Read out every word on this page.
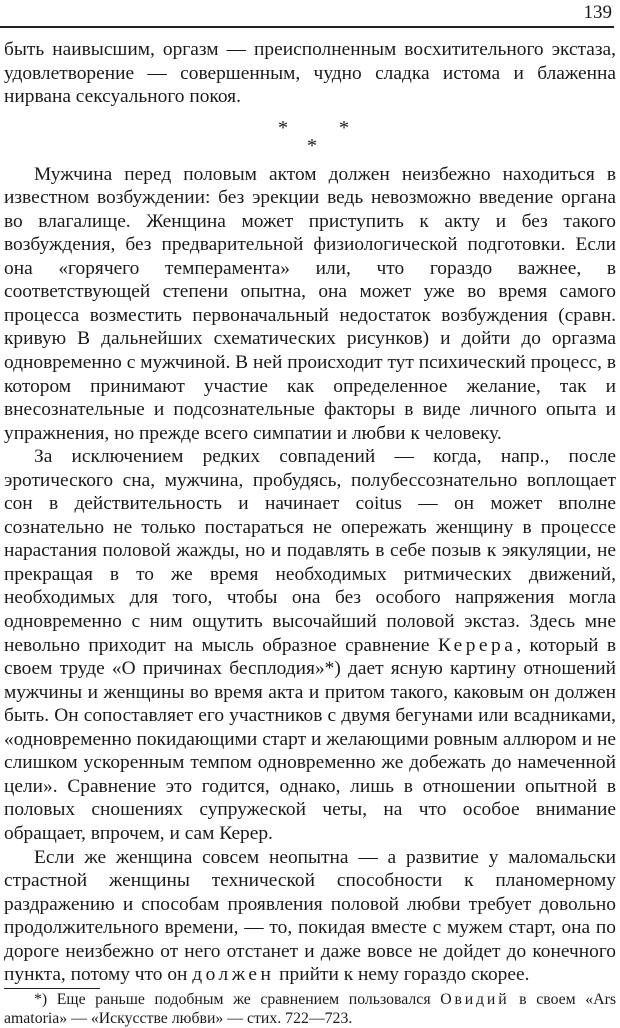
139

быть наивысшим, оргазм — преисполненным восхитительного экстаза, удовлетворение — совершенным, чудно сладка истома и блаженна нирвана сексуального покоя.

*	*
*

Мужчина перед половым актом должен неизбежно находиться в известном возбуждении: без эрекции ведь невозможно введение органа во влагалище. Женщина может приступить к акту и без такого возбуждения, без предварительной физиологической подготовки. Если она «горячего темперамента» или, что гораздо важнее, в соответствующей степени опытна, она может уже во время самого процесса возместить первоначальный недостаток возбуждения (сравн. кривую В дальнейших схематических рисунков) и дойти до оргазма одновременно с мужчиной. В ней происходит тут психический процесс, в котором принимают участие как определенное желание, так и внесознательные и подсознательные факторы в виде личного опыта и упражнения, но прежде всего симпатии и любви к человеку.

За исключением редких совпадений — когда, напр., после эротического сна, мужчина, пробудясь, полубессознательно воплощает сон в действительность и начинает coitus — он может вполне сознательно не только постараться не опережать женщину в процессе нарастания половой жажды, но и подавлять в себе позыв к эякуляции, не прекращая в то же время необходимых ритмических движений, необходимых для того, чтобы она без особого напряжения могла одновременно с ним ощутить высочайший половой экстаз. Здесь мне невольно приходит на мысль образное сравнение Керера, который в своем труде «О причинах бесплодия»*) дает ясную картину отношений мужчины и женщины во время акта и притом такого, каковым он должен быть. Он сопоставляет его участников с двумя бегунами или всадниками, «одновременно покидающими старт и желающими ровным аллюром и не слишком ускоренным темпом одновременно же добежать до намеченной цели». Сравнение это годится, однако, лишь в отношении опытной в половых сношениях супружеской четы, на что особое внимание обращает, впрочем, и сам Керер.

Если же женщина совсем неопытна — а развитие у маломальски страстной женщины технической способности к планомерному раздражению и способам проявления половой любви требует довольно продолжительного времени, — то, покидая вместе с мужем старт, она по дороге неизбежно от него отстанет и даже вовсе не дойдет до конечного пункта, потому что он должен прийти к нему гораздо скорее.

*) Еще раньше подобным же сравнением пользовался Овидий в своем «Ars amatoria» — «Искусстве любви» — стих. 722—723.
